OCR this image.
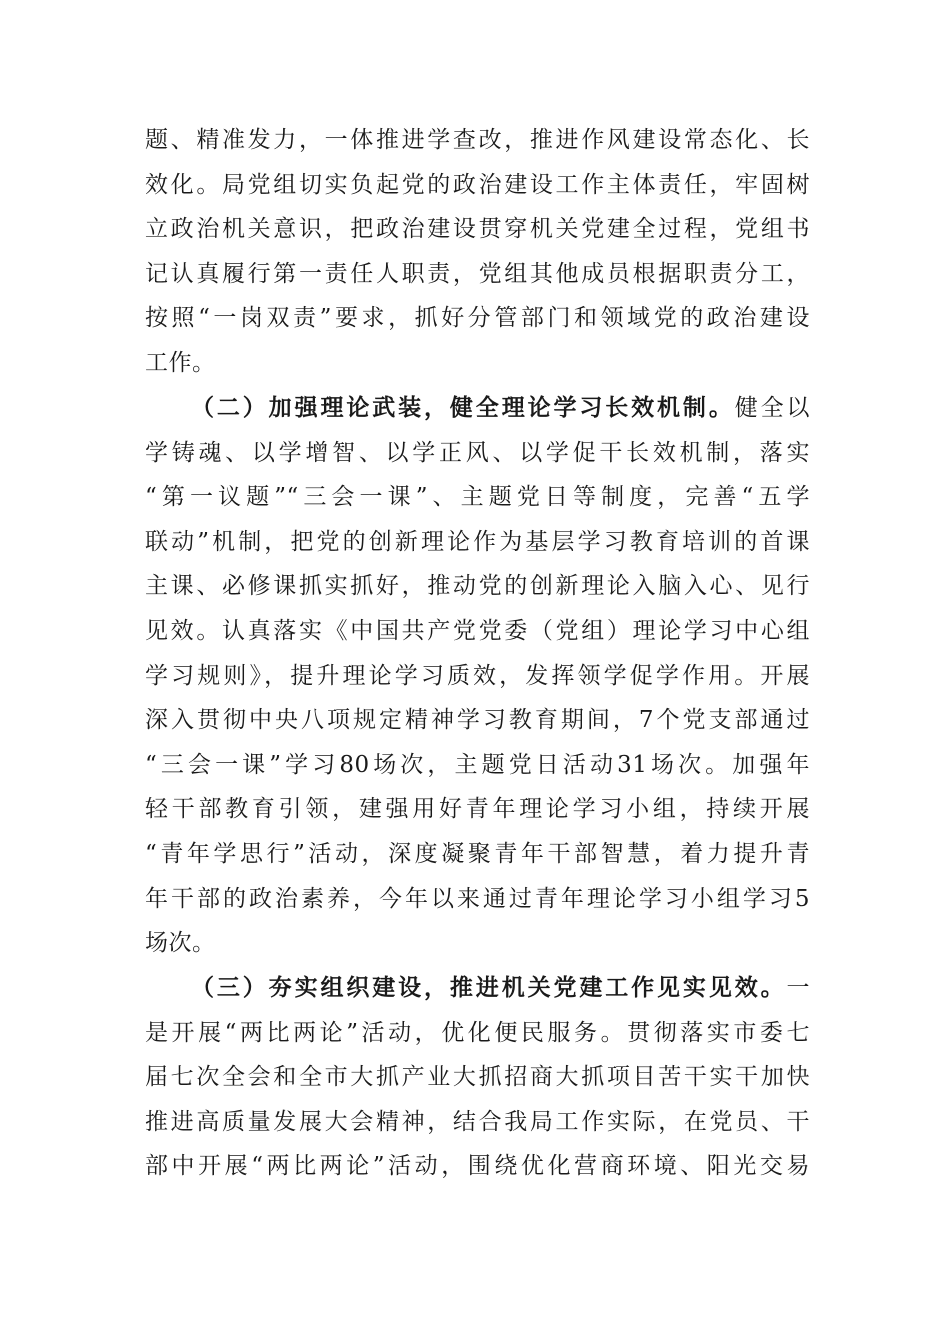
题、精准发力，一体推进学查改，推进作风建设常态化、长
效化。局党组切实负起党的政治建设工作主体责任，牢固树
立政治机关意识，把政治建设贯穿机关党建全过程，党组书
记认真履行第一责任人职责，党组其他成员根据职责分工，
按照“一岗双责”要求，抓好分管部门和领域党的政治建设
工作。
（二）加强理论武装，健全理论学习长效机制。健全以
学铸魂、以学增智、以学正风、以学促干长效机制，落实
“第一议题”“三会一课”、主题党日等制度，完善“五学
联动”机制，把党的创新理论作为基层学习教育培训的首课
主课、必修课抓实抓好，推动党的创新理论入脑入心、见行
见效。认真落实《中国共产党党委（党组）理论学习中心组
学习规则》，提升理论学习质效，发挥领学促学作用。开展
深入贯彻中央八项规定精神学习教育期间，7个党支部通过
“三会一课”学习80场次，主题党日活动31场次。加强年
轻干部教育引领，建强用好青年理论学习小组，持续开展
“青年学思行”活动，深度凝聚青年干部智慧，着力提升青
年干部的政治素养，今年以来通过青年理论学习小组学习5
场次。
（三）夯实组织建设，推进机关党建工作见实见效。一
是开展“两比两论”活动，优化便民服务。贯彻落实市委七
届七次全会和全市大抓产业大抓招商大抓项目苦干实干加快
推进高质量发展大会精神，结合我局工作实际，在党员、干
部中开展“两比两论”活动，围绕优化营商环境、阳光交易
